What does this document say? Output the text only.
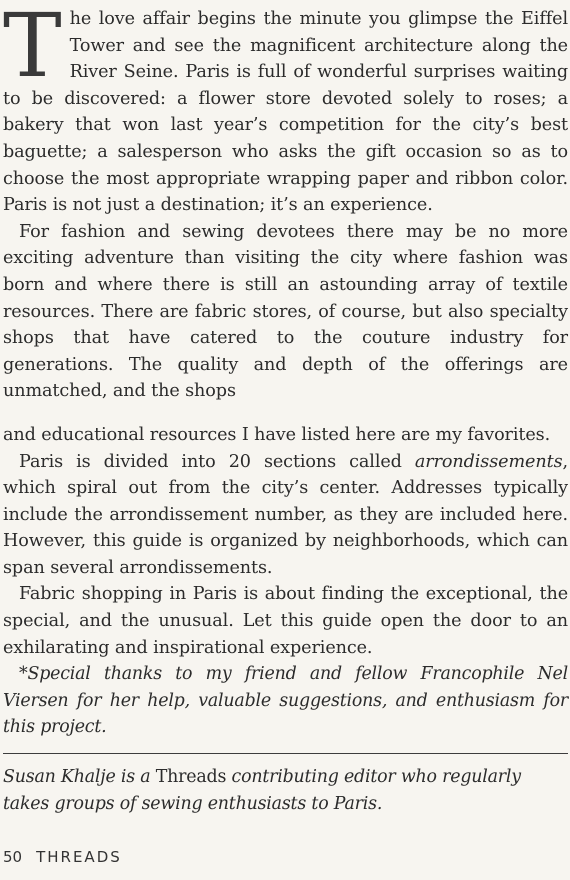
The love affair begins the minute you glimpse the Eiffel Tower and see the magnificent architecture along the River Seine. Paris is full of wonderful surprises waiting to be discovered: a flower store devoted solely to roses; a bakery that won last year’s competition for the city’s best baguette; a salesperson who asks the gift occasion so as to choose the most appropriate wrapping paper and ribbon color. Paris is not just a destination; it’s an experience.

For fashion and sewing devotees there may be no more exciting adventure than visiting the city where fashion was born and where there is still an astounding array of textile resources. There are fabric stores, of course, but also specialty shops that have catered to the couture industry for generations. The quality and depth of the offerings are unmatched, and the shops

and educational resources I have listed here are my favorites.

Paris is divided into 20 sections called arrondissements, which spiral out from the city’s center. Addresses typically include the arrondissement number, as they are included here. However, this guide is organized by neighborhoods, which can span several arrondissements.

Fabric shopping in Paris is about finding the exceptional, the special, and the unusual. Let this guide open the door to an exhilarating and inspirational experience.

*Special thanks to my friend and fellow Francophile Nel Viersen for her help, valuable suggestions, and enthusiasm for this project.

Susan Khalje is a Threads contributing editor who regularly takes groups of sewing enthusiasts to Paris.

50 THREADS
